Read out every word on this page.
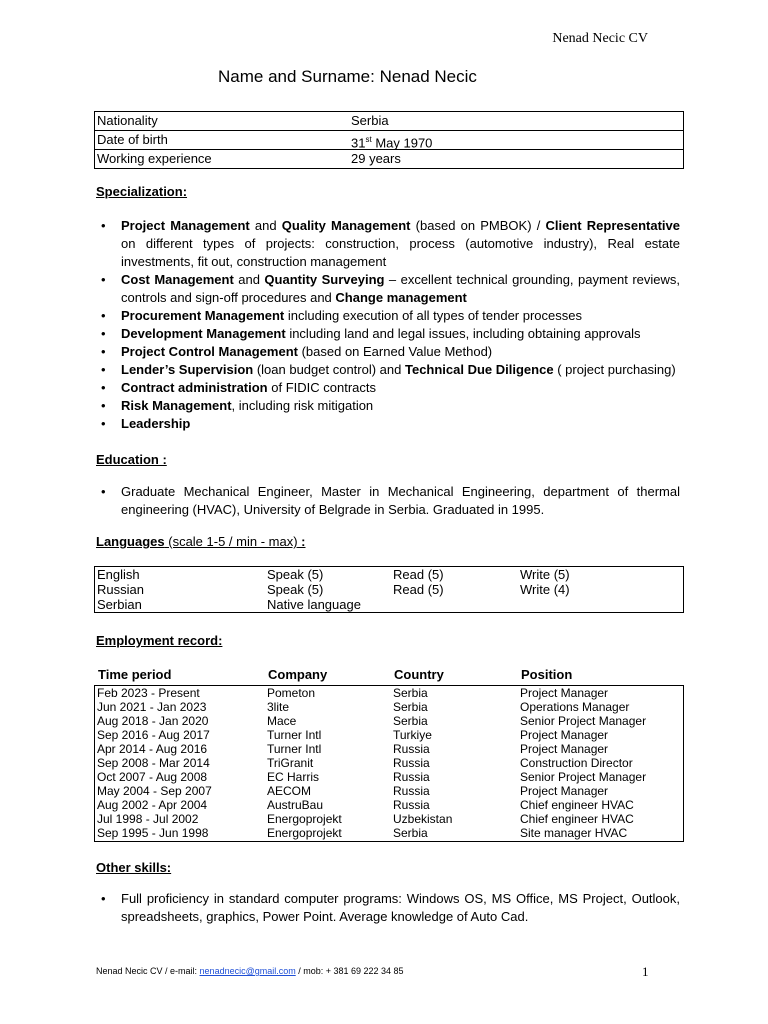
Nenad Necic CV
Name and Surname: Nenad Necic
Nationality	Serbia
Date of birth	31st May 1970
Working experience	29 years
Specialization:
• Project Management and Quality Management (based on PMBOK) / Client Representative on different types of projects: construction, process (automotive industry), Real estate investments, fit out, construction management
• Cost Management and Quantity Surveying – excellent technical grounding, payment reviews, controls and sign-off procedures and Change management
• Procurement Management including execution of all types of tender processes
• Development Management including land and legal issues, including obtaining approvals
• Project Control Management (based on Earned Value Method)
• Lender’s Supervision (loan budget control) and Technical Due Diligence ( project purchasing)
• Contract administration of FIDIC contracts
• Risk Management, including risk mitigation
• Leadership
Education :
• Graduate Mechanical Engineer, Master in Mechanical Engineering, department of thermal engineering (HVAC), University of Belgrade in Serbia. Graduated in 1995.
Languages (scale 1-5 / min - max) :
English	Speak (5)	Read (5)	Write (5)
Russian	Speak (5)	Read (5)	Write (4)
Serbian	Native language
Employment record:
Time period	Company	Country	Position
Feb 2023 - Present	Pometon	Serbia	Project Manager
Jun 2021 - Jan 2023	3lite	Serbia	Operations Manager
Aug 2018 - Jan 2020	Mace	Serbia	Senior Project Manager
Sep 2016 - Aug 2017	Turner Intl	Turkiye	Project Manager
Apr 2014 - Aug 2016	Turner Intl	Russia	Project Manager
Sep 2008 - Mar 2014	TriGranit	Russia	Construction Director
Oct 2007 - Aug 2008	EC Harris	Russia	Senior Project Manager
May 2004 - Sep 2007	AECOM	Russia	Project Manager
Aug 2002 - Apr 2004	AustruBau	Russia	Chief engineer HVAC
Jul 1998 - Jul 2002	Energoprojekt	Uzbekistan	Chief engineer HVAC
Sep 1995 - Jun 1998	Energoprojekt	Serbia	Site manager HVAC
Other skills:
• Full proficiency in standard computer programs: Windows OS, MS Office, MS Project, Outlook, spreadsheets, graphics, Power Point. Average knowledge of Auto Cad.
Nenad Necic CV / e-mail: nenadnecic@gmail.com / mob: + 381 69 222 34 85	1
